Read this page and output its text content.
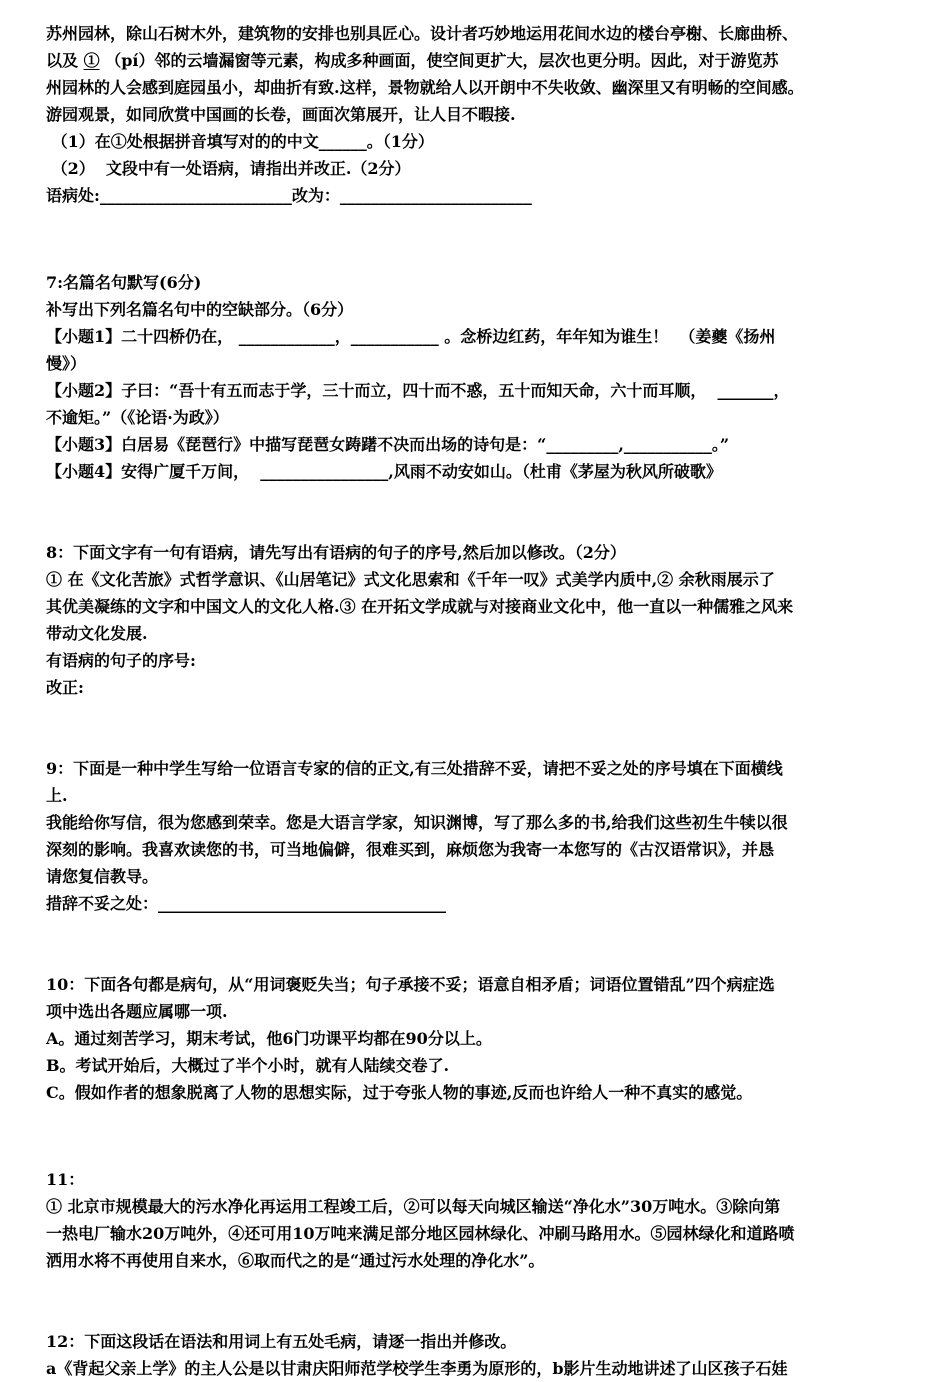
苏州园林，除山石树木外，建筑物的安排也别具匠心。设计者巧妙地运用花间水边的楼台亭榭、长廊曲桥、
以及 ① （pí）邻的云墙漏窗等元素，构成多种画面，使空间更扩大，层次也更分明。因此，对于游览苏
州园林的人会感到庭园虽小，却曲折有致.这样，景物就给人以开朗中不失收敛、幽深里又有明畅的空间感。
游园观景，如同欣赏中国画的长卷，画面次第展开，让人目不暇接.
（1）在①处根据拼音填写对的的中文______。（1分）
（2）  文段中有一处语病，请指出并改正.（2分）
语病处:________________________改为：________________________
7:名篇名句默写(6分)
补写出下列名篇名句中的空缺部分。（6分）
【小题1】二十四桥仍在， ____________，___________ 。念桥边红药，年年知为谁生！  （姜夔《扬州
慢》）
【小题2】子曰：“吾十有五而志于学，三十而立，四十而不惑，五十而知天命，六十而耳顺，  _______，
不逾矩。”（《论语·为政》）
【小题3】白居易《琵琶行》中描写琵琶女踌躇不决而出场的诗句是：“_________,___________。”
【小题4】安得广厦千万间，  ________________,风雨不动安如山。（杜甫《茅屋为秋风所破歌》
8：下面文字有一句有语病，请先写出有语病的句子的序号,然后加以修改。（2分）
① 在《文化苦旅》式哲学意识、《山居笔记》式文化思索和《千年一叹》式美学内质中,② 余秋雨展示了
其优美凝练的文字和中国文人的文化人格.③ 在开拓文学成就与对接商业文化中，他一直以一种儒雅之风来
带动文化发展.
有语病的句子的序号:
改正:
9：下面是一种中学生写给一位语言专家的信的正文,有三处措辞不妥，请把不妥之处的序号填在下面横线
上.
我能给你写信，很为您感到荣幸。您是大语言学家，知识渊博，写了那么多的书,给我们这些初生牛犊以很
深刻的影响。我喜欢读您的书，可当地偏僻，很难买到，麻烦您为我寄一本您写的《古汉语常识》，并恳
请您复信教导。
措辞不妥之处：____________________________________
10：下面各句都是病句，从“用词褒贬失当；句子承接不妥；语意自相矛盾；词语位置错乱”四个病症选
项中选出各题应属哪一项.
A。通过刻苦学习，期末考试，他6门功课平均都在90分以上。
B。考试开始后，大概过了半个小时，就有人陆续交卷了.
C。假如作者的想象脱离了人物的思想实际，过于夸张人物的事迹,反而也许给人一种不真实的感觉。
11：
① 北京市规模最大的污水净化再运用工程竣工后，②可以每天向城区输送“净化水”30万吨水。③除向第
一热电厂输水20万吨外，④还可用10万吨来满足部分地区园林绿化、冲刷马路用水。⑤园林绿化和道路喷
洒用水将不再使用自来水，⑥取而代之的是“通过污水处理的净化水”。
12：下面这段话在语法和用词上有五处毛病，请逐一指出并修改。
a《背起父亲上学》的主人公是以甘肃庆阳师范学校学生李勇为原形的，b影片生动地讲述了山区孩子石娃
